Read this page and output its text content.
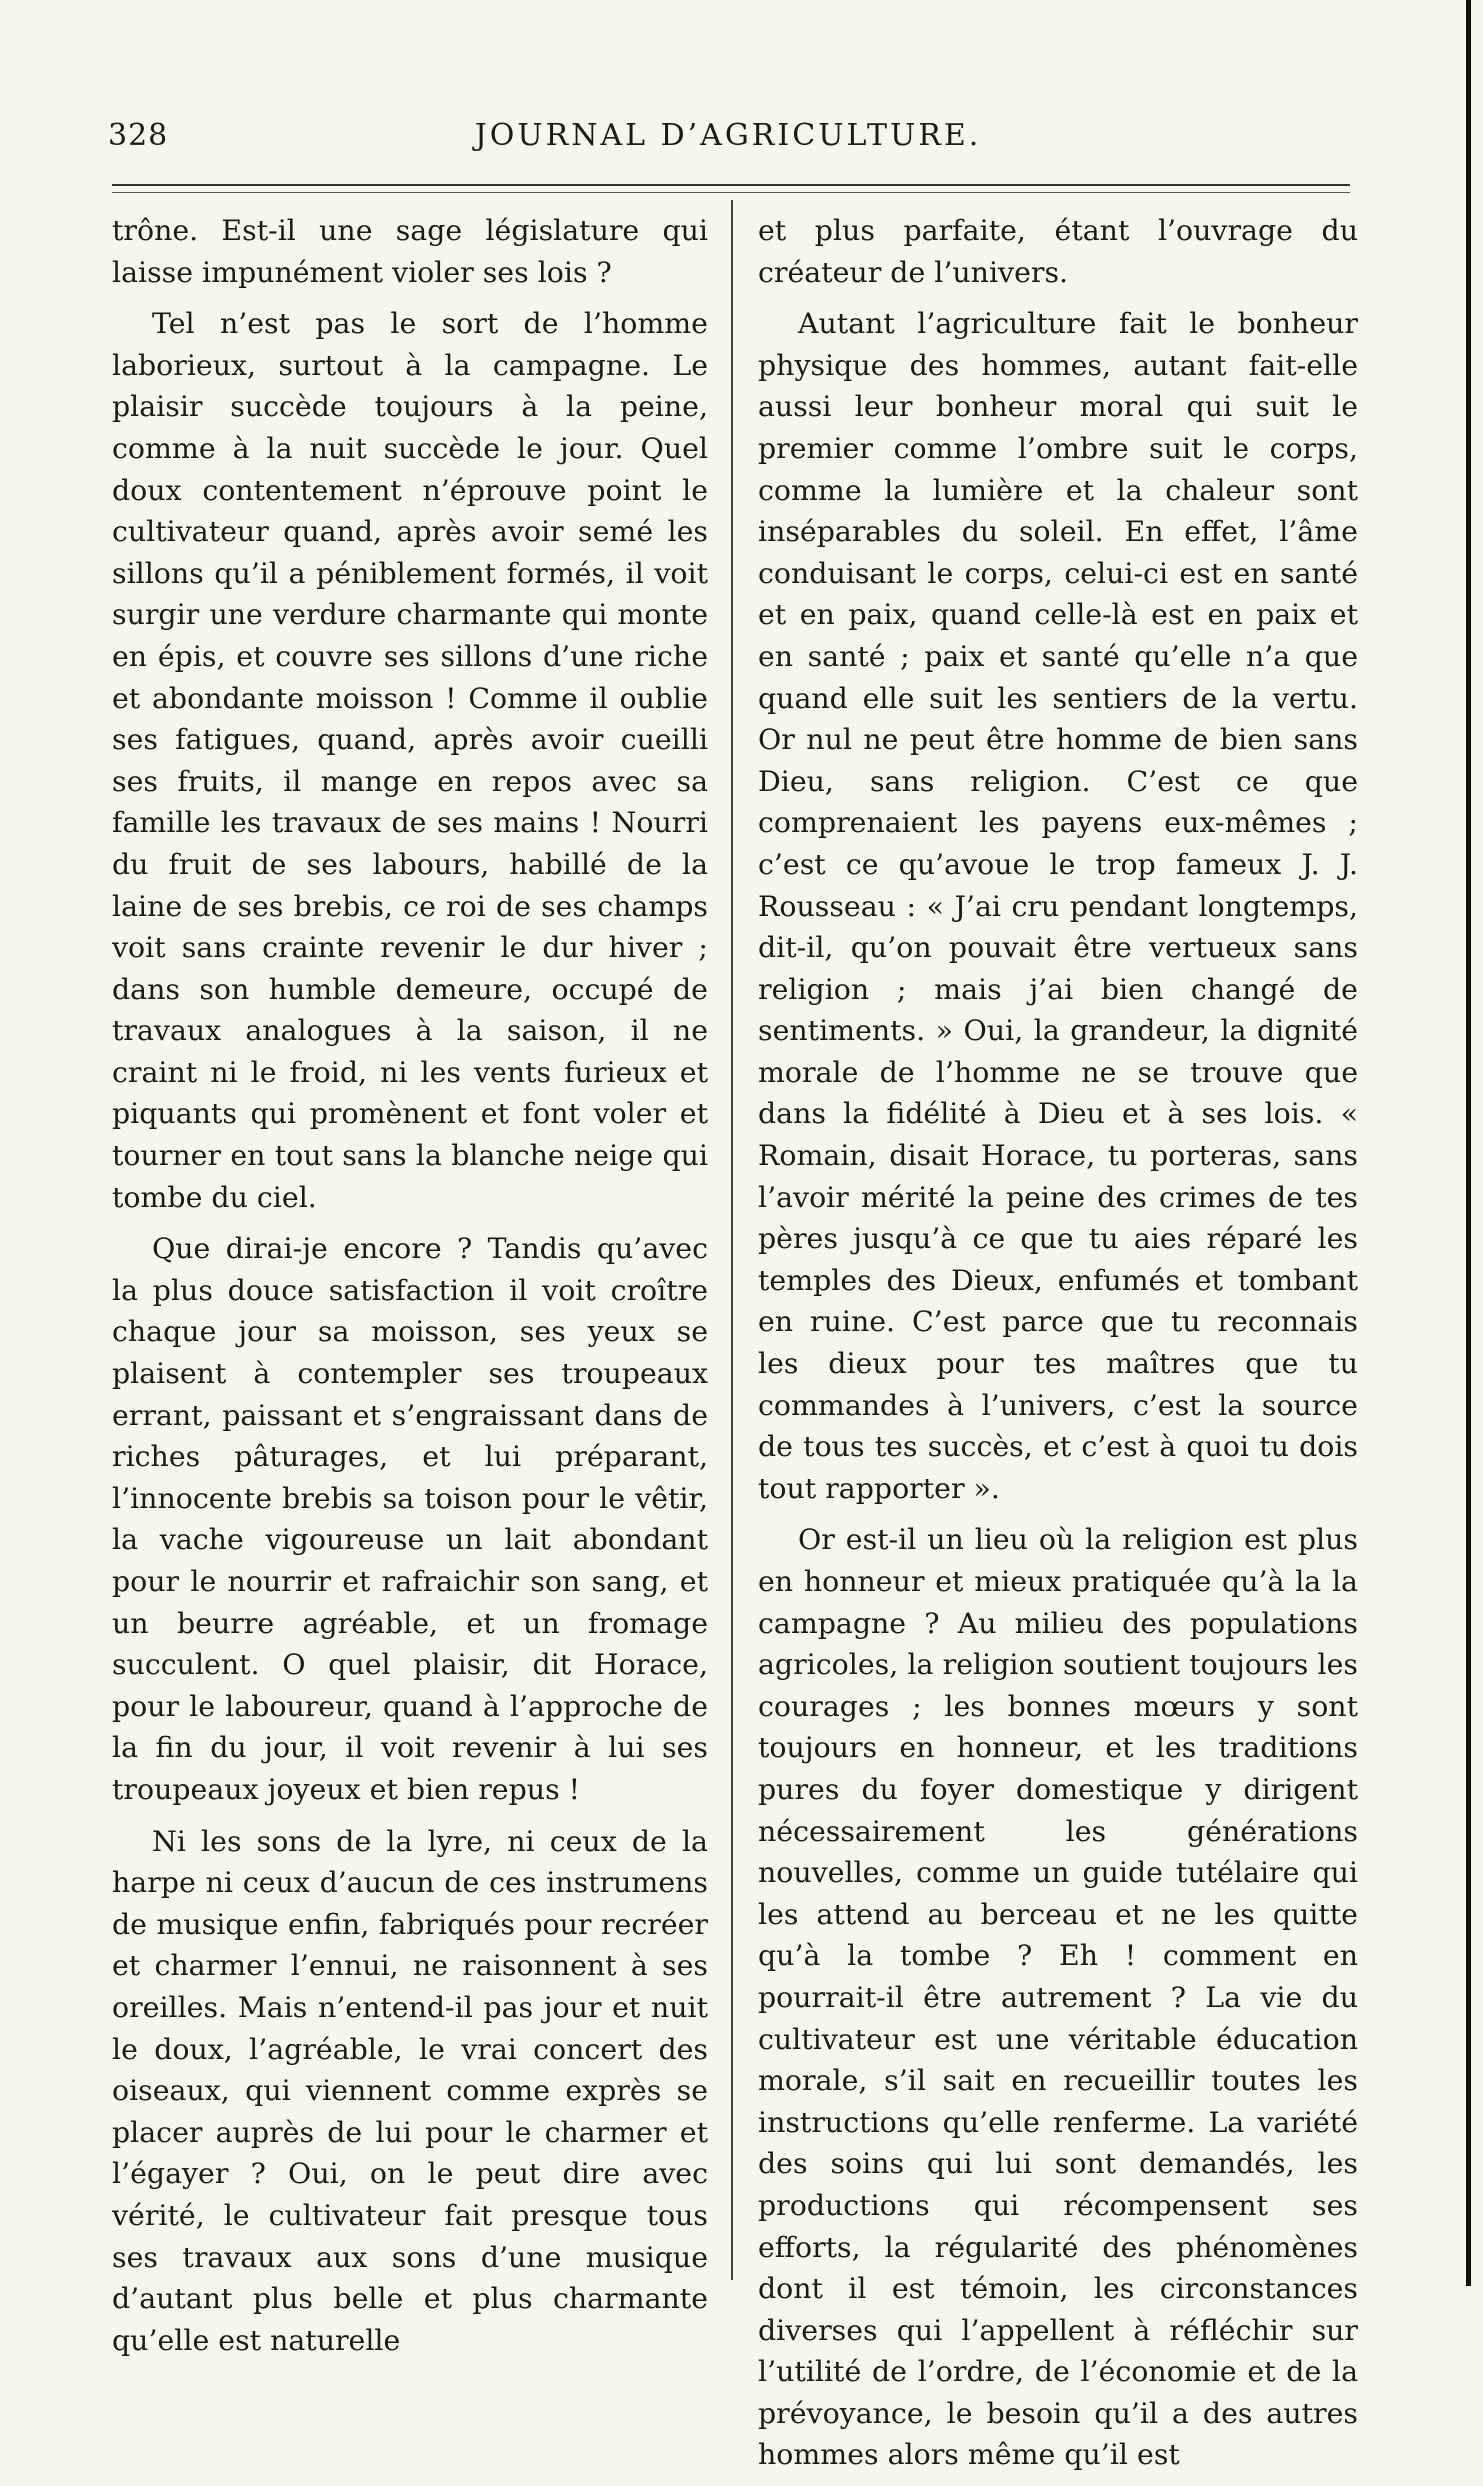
328	JOURNAL D’AGRICULTURE.

trône. Est-il une sage législature qui laisse impunément violer ses lois ?

Tel n’est pas le sort de l’homme laborieux, surtout à la campagne. Le plaisir succède toujours à la peine, comme à la nuit succède le jour. Quel doux contentement n’éprouve point le cultivateur quand, après avoir semé les sillons qu’il a péniblement formés, il voit surgir une verdure charmante qui monte en épis, et couvre ses sillons d’une riche et abondante moisson ! Comme il oublie ses fatigues, quand, après avoir cueilli ses fruits, il mange en repos avec sa famille les travaux de ses mains ! Nourri du fruit de ses labours, habillé de la laine de ses brebis, ce roi de ses champs voit sans crainte revenir le dur hiver ; dans son humble demeure, occupé de travaux analogues à la saison, il ne craint ni le froid, ni les vents furieux et piquants qui promènent et font voler et tourner en tout sans la blanche neige qui tombe du ciel.

Que dirai-je encore ? Tandis qu’avec la plus douce satisfaction il voit croître chaque jour sa moisson, ses yeux se plaisent à contempler ses troupeaux errant, paissant et s’engraissant dans de riches pâturages, et lui préparant, l’innocente brebis sa toison pour le vêtir, la vache vigoureuse un lait abondant pour le nourrir et rafraichir son sang, et un beurre agréable, et un fromage succulent. O quel plaisir, dit Horace, pour le laboureur, quand à l’approche de la fin du jour, il voit revenir à lui ses troupeaux joyeux et bien repus !

Ni les sons de la lyre, ni ceux de la harpe ni ceux d’aucun de ces instrumens de musique enfin, fabriqués pour recréer et charmer l’ennui, ne raisonnent à ses oreilles. Mais n’entend-il pas jour et nuit le doux, l’agréable, le vrai concert des oiseaux, qui viennent comme exprès se placer auprès de lui pour le charmer et l’égayer ? Oui, on le peut dire avec vérité, le cultivateur fait presque tous ses travaux aux sons d’une musique d’autant plus belle et plus charmante qu’elle est naturelle

et plus parfaite, étant l’ouvrage du créateur de l’univers.

Autant l’agriculture fait le bonheur physique des hommes, autant fait-elle aussi leur bonheur moral qui suit le premier comme l’ombre suit le corps, comme la lumière et la chaleur sont inséparables du soleil. En effet, l’âme conduisant le corps, celui-ci est en santé et en paix, quand celle-là est en paix et en santé ; paix et santé qu’elle n’a que quand elle suit les sentiers de la vertu. Or nul ne peut être homme de bien sans Dieu, sans religion. C’est ce que comprenaient les payens eux-mêmes ; c’est ce qu’avoue le trop fameux J. J. Rousseau : « J’ai cru pendant longtemps, dit-il, qu’on pouvait être vertueux sans religion ; mais j’ai bien changé de sentiments. » Oui, la grandeur, la dignité morale de l’homme ne se trouve que dans la fidélité à Dieu et à ses lois. « Romain, disait Horace, tu porteras, sans l’avoir mérité la peine des crimes de tes pères jusqu’à ce que tu aies réparé les temples des Dieux, enfumés et tombant en ruine. C’est parce que tu reconnais les dieux pour tes maîtres que tu commandes à l’univers, c’est la source de tous tes succès, et c’est à quoi tu dois tout rapporter ».

Or est-il un lieu où la religion est plus en honneur et mieux pratiquée qu’à la la campagne ? Au milieu des populations agricoles, la religion soutient toujours les courages ; les bonnes mœurs y sont toujours en honneur, et les traditions pures du foyer domestique y dirigent nécessairement les générations nouvelles, comme un guide tutélaire qui les attend au berceau et ne les quitte qu’à la tombe ? Eh ! comment en pourrait-il être autrement ? La vie du cultivateur est une véritable éducation morale, s’il sait en recueillir toutes les instructions qu’elle renferme. La variété des soins qui lui sont demandés, les productions qui récompensent ses efforts, la régularité des phénomènes dont il est témoin, les circonstances diverses qui l’appellent à réfléchir sur l’utilité de l’ordre, de l’économie et de la prévoyance, le besoin qu’il a des autres hommes alors même qu’il est
